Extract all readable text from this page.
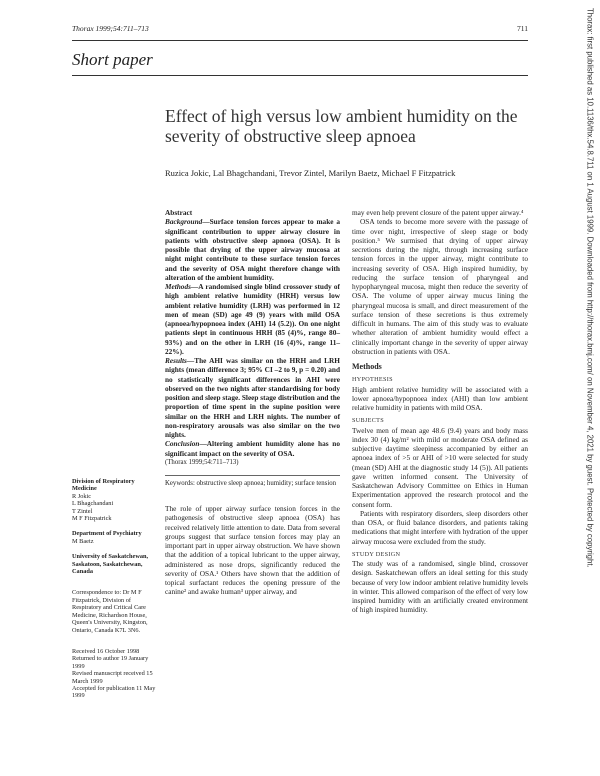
Thorax 1999;54:711–713	711
Short paper
Effect of high versus low ambient humidity on the severity of obstructive sleep apnoea
Ruzica Jokic, Lal Bhagchandani, Trevor Zintel, Marilyn Baetz, Michael F Fitzpatrick

Abstract

Background—Surface tension forces appear to make a significant contribution to upper airway closure in patients with obstructive sleep apnoea (OSA). It is possible that drying of the upper airway mucosa at night might contribute to these surface tension forces and the severity of OSA might therefore change with alteration of the ambient humidity.

Methods—A randomised single blind crossover study of high ambient relative humidity (HRH) versus low ambient relative humidity (LRH) was performed in 12 men of mean (SD) age 49 (9) years with mild OSA (apnoea/hypopnoea index (AHI) 14 (5.2)). On one night patients slept in continuous HRH (85 (4)%, range 80–93%) and on the other in LRH (16 (4)%, range 11–22%).

Results—The AHI was similar on the HRH and LRH nights (mean difference 3; 95% CI –2 to 9, p = 0.20) and no statistically significant differences in AHI were observed on the two nights after standardising for body position and sleep stage. Sleep stage distribution and the proportion of time spent in the supine position were similar on the HRH and LRH nights. The number of non-respiratory arousals was also similar on the two nights.

Conclusion—Altering ambient humidity alone has no significant impact on the severity of OSA.

(Thorax 1999;54:711–713)

Keywords: obstructive sleep apnoea; humidity; surface tension

The role of upper airway surface tension forces in the pathogenesis of obstructive sleep apnoea (OSA) has received relatively little attention to date. Data from several groups suggest that surface tension forces may play an important part in upper airway obstruction. We have shown that the addition of a topical lubricant to the upper airway, administered as nose drops, significantly reduced the severity of OSA.¹ Others have shown that the addition of topical surfactant reduces the opening pressure of the canine² and awake human³ upper airway, and

may even help prevent closure of the patent upper airway.⁴

OSA tends to become more severe with the passage of time over night, irrespective of sleep stage or body position.⁵ We surmised that drying of upper airway secretions during the night, through increasing surface tension forces in the upper airway, might contribute to increasing severity of OSA. High inspired humidity, by reducing the surface tension of pharyngeal and hypopharyngeal mucosa, might then reduce the severity of OSA. The volume of upper airway mucus lining the pharyngeal mucosa is small, and direct measurement of the surface tension of these secretions is thus extremely difficult in humans. The aim of this study was to evaluate whether alteration of ambient humidity would effect a clinically important change in the severity of upper airway obstruction in patients with OSA.

Methods

HYPOTHESIS

High ambient relative humidity will be associated with a lower apnoea/hypopnoea index (AHI) than low ambient relative humidity in patients with mild OSA.

SUBJECTS

Twelve men of mean age 48.6 (9.4) years and body mass index 30 (4) kg/m² with mild or moderate OSA defined as subjective daytime sleepiness accompanied by either an apnoea index of >5 or AHI of >10 were selected for study (mean (SD) AHI at the diagnostic study 14 (5)). All patients gave written informed consent. The University of Saskatchewan Advisory Committee on Ethics in Human Experimentation approved the research protocol and the consent form.

Patients with respiratory disorders, sleep disorders other than OSA, or fluid balance disorders, and patients taking medications that might interfere with hydration of the upper airway mucosa were excluded from the study.

STUDY DESIGN

The study was of a randomised, single blind, crossover design. Saskatchewan offers an ideal setting for this study because of very low indoor ambient relative humidity levels in winter. This allowed comparison of the effect of very low inspired humidity with an artificially created environment of high inspired humidity.

Division of Respiratory Medicine

R Jokic

L Bhagchandani

T Zintel

M F Fitzpatrick

Department of Psychiatry

M Baetz

University of Saskatchewan, Saskatoon, Saskatchewan, Canada

Correspondence to: Dr M F Fitzpatrick, Division of Respiratory and Critical Care Medicine, Richardson House, Queen's University, Kingston, Ontario, Canada K7L 3N6.

Received 16 October 1998

Returned to author 19 January 1999

Revised manuscript received 15 March 1999

Accepted for publication 11 May 1999

Thorax: first published as 10.1136/thx.54.8.711 on 1 August 1999. Downloaded from http://thorax.bmj.com/ on November 4, 2021 by guest. Protected by copyright.
